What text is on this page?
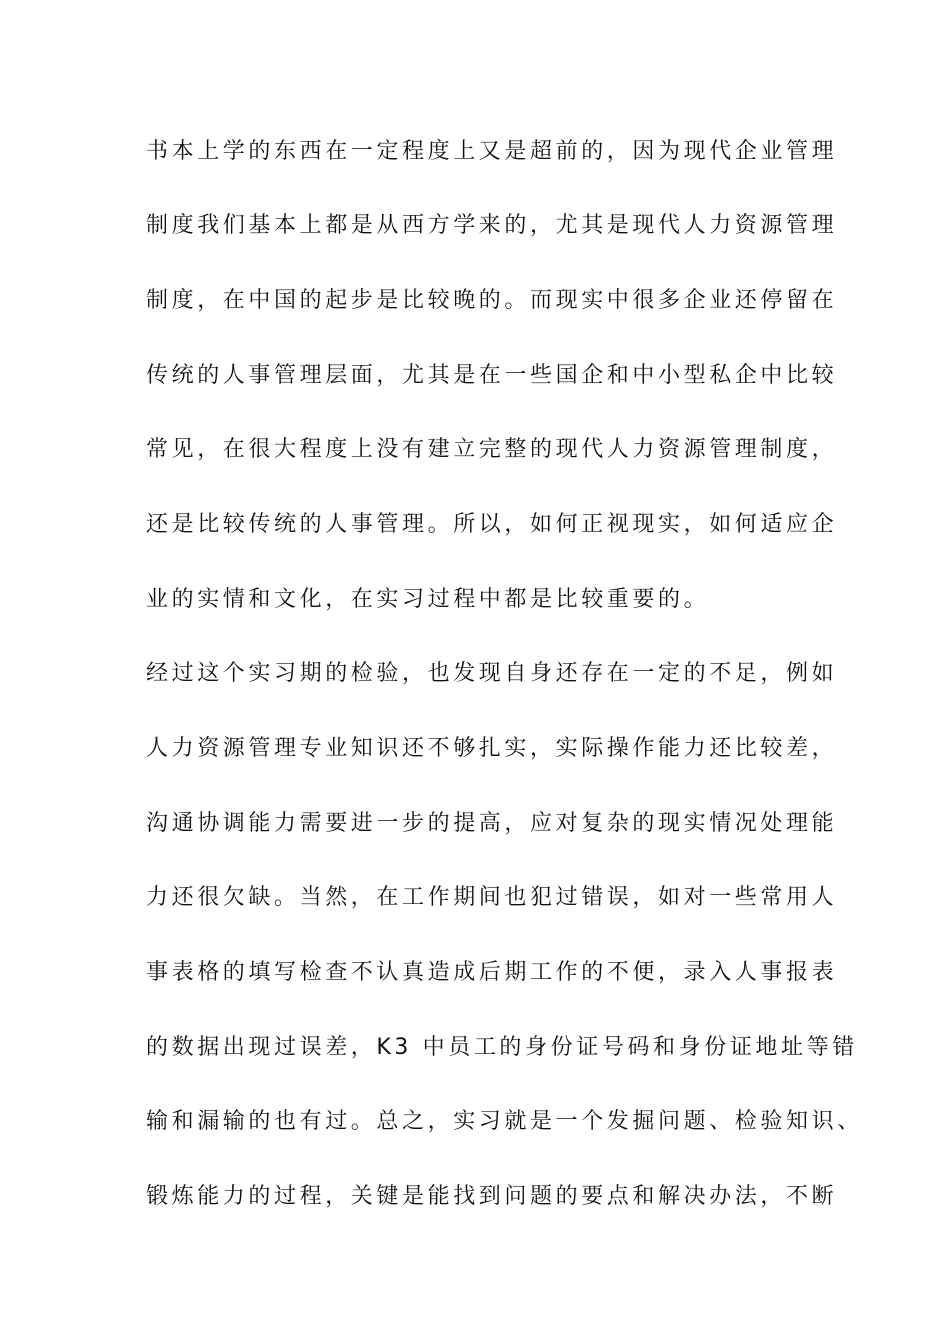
书本上学的东西在一定程度上又是超前的，因为现代企业管理
制度我们基本上都是从西方学来的，尤其是现代人力资源管理
制度，在中国的起步是比较晚的。而现实中很多企业还停留在
传统的人事管理层面，尤其是在一些国企和中小型私企中比较
常见，在很大程度上没有建立完整的现代人力资源管理制度，
还是比较传统的人事管理。所以，如何正视现实，如何适应企
业的实情和文化，在实习过程中都是比较重要的。
经过这个实习期的检验，也发现自身还存在一定的不足，例如
人力资源管理专业知识还不够扎实，实际操作能力还比较差，
沟通协调能力需要进一步的提高，应对复杂的现实情况处理能
力还很欠缺。当然，在工作期间也犯过错误，如对一些常用人
事表格的填写检查不认真造成后期工作的不便，录入人事报表
的数据出现过误差，K3 中员工的身份证号码和身份证地址等错
输和漏输的也有过。总之，实习就是一个发掘问题、检验知识、
锻炼能力的过程，关键是能找到问题的要点和解决办法，不断
